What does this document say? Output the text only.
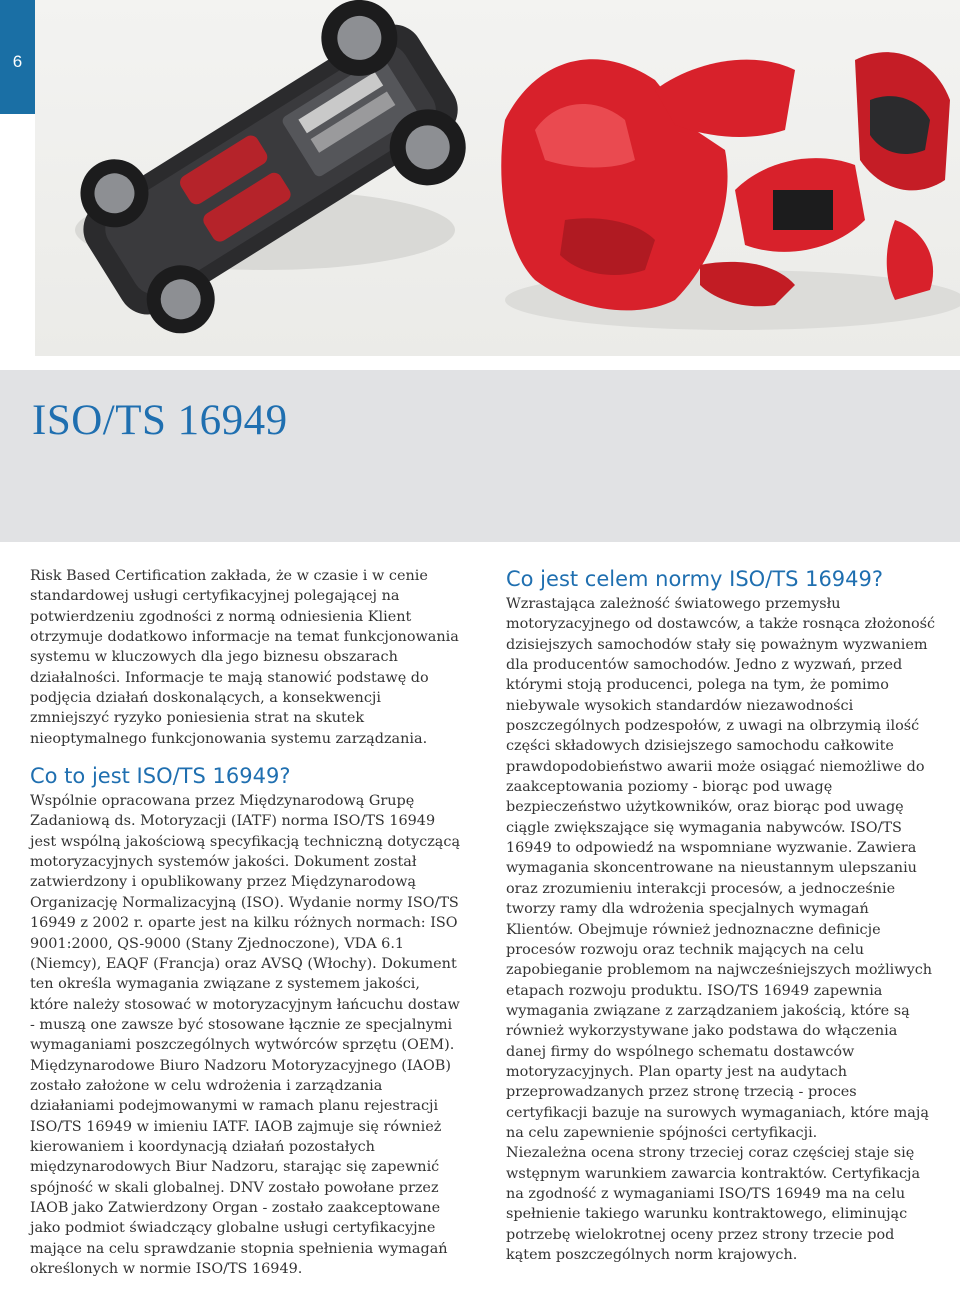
6
ISO/TS 16949

Risk Based Certification zakłada, że w czasie i w cenie standardowej usługi certyfikacyjnej polegającej na potwierdzeniu zgodności z normą odniesienia Klient otrzymuje dodatkowo informacje na temat funkcjonowania systemu w kluczowych dla jego biznesu obszarach działalności. Informacje te mają stanowić podstawę do podjęcia działań doskonalących, a konsekwencji zmniejszyć ryzyko poniesienia strat na skutek nieoptymalnego funkcjonowania systemu zarządzania.

Co to jest ISO/TS 16949?

Wspólnie opracowana przez Międzynarodową Grupę Zadaniową ds. Motoryzacji (IATF) norma ISO/TS 16949 jest wspólną jakościową specyfikacją techniczną dotyczącą motoryzacyjnych systemów jakości. Dokument został zatwierdzony i opublikowany przez Międzynarodową Organizację Normalizacyjną (ISO). Wydanie normy ISO/TS 16949 z 2002 r. oparte jest na kilku różnych normach: ISO 9001:2000, QS-9000 (Stany Zjednoczone), VDA 6.1 (Niemcy), EAQF (Francja) oraz AVSQ (Włochy). Dokument ten określa wymagania związane z systemem jakości, które należy stosować w motoryzacyjnym łańcuchu dostaw - muszą one zawsze być stosowane łącznie ze specjalnymi wymaganiami poszczególnych wytwórców sprzętu (OEM).

Międzynarodowe Biuro Nadzoru Motoryzacyjnego (IAOB) zostało założone w celu wdrożenia i zarządzania działaniami podejmowanymi w ramach planu rejestracji ISO/TS 16949 w imieniu IATF. IAOB zajmuje się również kierowaniem i koordynacją działań pozostałych międzynarodowych Biur Nadzoru, starając się zapewnić spójność w skali globalnej. DNV zostało powołane przez IAOB jako Zatwierdzony Organ - zostało zaakceptowane jako podmiot świadczący globalne usługi certyfikacyjne mające na celu sprawdzanie stopnia spełnienia wymagań określonych w normie ISO/TS 16949.

Co jest celem normy ISO/TS 16949?

Wzrastająca zależność światowego przemysłu motoryzacyjnego od dostawców, a także rosnąca złożoność dzisiejszych samochodów stały się poważnym wyzwaniem dla producentów samochodów. Jedno z wyzwań, przed którymi stoją producenci, polega na tym, że pomimo niebywale wysokich standardów niezawodności poszczególnych podzespołów, z uwagi na olbrzymią ilość części składowych dzisiejszego samochodu całkowite prawdopodobieństwo awarii może osiągać niemożliwe do zaakceptowania poziomy - biorąc pod uwagę bezpieczeństwo użytkowników, oraz biorąc pod uwagę ciągle zwiększające się wymagania nabywców. ISO/TS 16949 to odpowiedź na wspomniane wyzwanie. Zawiera wymagania skoncentrowane na nieustannym ulepszaniu oraz zrozumieniu interakcji procesów, a jednocześnie tworzy ramy dla wdrożenia specjalnych wymagań Klientów. Obejmuje również jednoznaczne definicje procesów rozwoju oraz technik mających na celu zapobieganie problemom na najwcześniejszych możliwych etapach rozwoju produktu. ISO/TS 16949 zapewnia wymagania związane z zarządzaniem jakością, które są również wykorzystywane jako podstawa do włączenia danej firmy do wspólnego schematu dostawców motoryzacyjnych. Plan oparty jest na audytach przeprowadzanych przez stronę trzecią - proces certyfikacji bazuje na surowych wymaganiach, które mają na celu zapewnienie spójności certyfikacji.

Niezależna ocena strony trzeciej coraz częściej staje się wstępnym warunkiem zawarcia kontraktów. Certyfikacja na zgodność z wymaganiami ISO/TS 16949 ma na celu spełnienie takiego warunku kontraktowego, eliminując potrzebę wielokrotnej oceny przez strony trzecie pod kątem poszczególnych norm krajowych.
